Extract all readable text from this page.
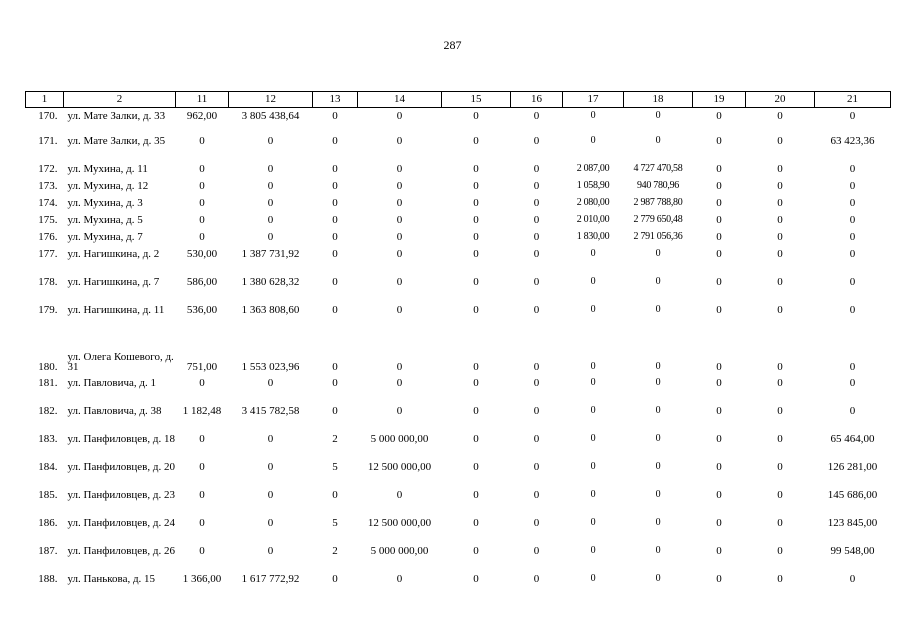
287
1	2	11	12	13	14	15	16	17	18	19	20	21
170.	ул. Мате Залки, д. 33	962,00	3 805 438,64	0	0	0	0	0	0	0	0	0
171.	ул. Мате Залки, д. 35	0	0	0	0	0	0	0	0	0	0	63 423,36
172.	ул. Мухина, д. 11	0	0	0	0	0	0	2 087,00	4 727 470,58	0	0	0
173.	ул. Мухина, д. 12	0	0	0	0	0	0	1 058,90	940 780,96	0	0	0
174.	ул. Мухина, д. 3	0	0	0	0	0	0	2 080,00	2 987 788,80	0	0	0
175.	ул. Мухина, д. 5	0	0	0	0	0	0	2 010,00	2 779 650,48	0	0	0
176.	ул. Мухина, д. 7	0	0	0	0	0	0	1 830,00	2 791 056,36	0	0	0
177.	ул. Нагишкина, д. 2	530,00	1 387 731,92	0	0	0	0	0	0	0	0	0
178.	ул. Нагишкина, д. 7	586,00	1 380 628,32	0	0	0	0	0	0	0	0	0
179.	ул. Нагишкина, д. 11	536,00	1 363 808,60	0	0	0	0	0	0	0	0	0
180.	ул. Олега Кошевого, д. 31	751,00	1 553 023,96	0	0	0	0	0	0	0	0	0
181.	ул. Павловича, д. 1	0	0	0	0	0	0	0	0	0	0	0
182.	ул. Павловича, д. 38	1 182,48	3 415 782,58	0	0	0	0	0	0	0	0	0
183.	ул. Панфиловцев, д. 18	0	0	2	5 000 000,00	0	0	0	0	0	0	65 464,00
184.	ул. Панфиловцев, д. 20	0	0	5	12 500 000,00	0	0	0	0	0	0	126 281,00
185.	ул. Панфиловцев, д. 23	0	0	0	0	0	0	0	0	0	0	145 686,00
186.	ул. Панфиловцев, д. 24	0	0	5	12 500 000,00	0	0	0	0	0	0	123 845,00
187.	ул. Панфиловцев, д. 26	0	0	2	5 000 000,00	0	0	0	0	0	0	99 548,00
188.	ул. Панькова, д. 15	1 366,00	1 617 772,92	0	0	0	0	0	0	0	0	0
